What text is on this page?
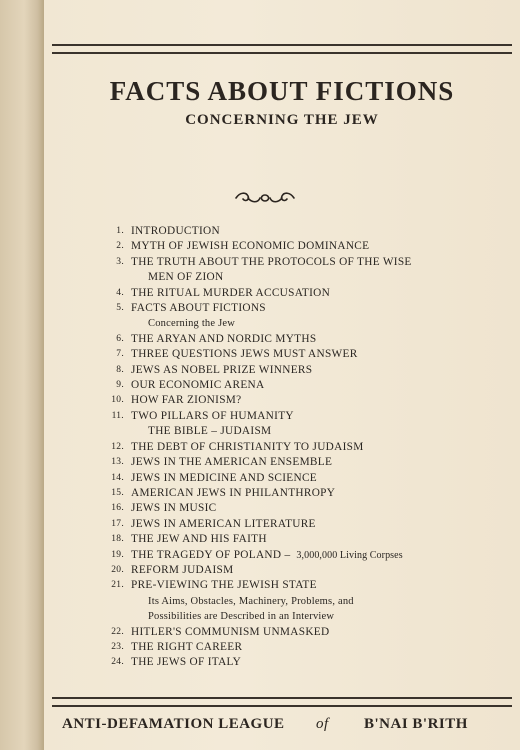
FACTS ABOUT FICTIONS
CONCERNING THE JEW
1. INTRODUCTION
2. MYTH OF JEWISH ECONOMIC DOMINANCE
3. THE TRUTH ABOUT THE PROTOCOLS OF THE WISE
MEN OF ZION
4. THE RITUAL MURDER ACCUSATION
5. FACTS ABOUT FICTIONS
Concerning the Jew
6. THE ARYAN AND NORDIC MYTHS
7. THREE QUESTIONS JEWS MUST ANSWER
8. JEWS AS NOBEL PRIZE WINNERS
9. OUR ECONOMIC ARENA
10. HOW FAR ZIONISM?
11. TWO PILLARS OF HUMANITY
THE BIBLE – JUDAISM
12. THE DEBT OF CHRISTIANITY TO JUDAISM
13. JEWS IN THE AMERICAN ENSEMBLE
14. JEWS IN MEDICINE AND SCIENCE
15. AMERICAN JEWS IN PHILANTHROPY
16. JEWS IN MUSIC
17. JEWS IN AMERICAN LITERATURE
18. THE JEW AND HIS FAITH
19. THE TRAGEDY OF POLAND – 3,000,000 Living Corpses
20. REFORM JUDAISM
21. PRE-VIEWING THE JEWISH STATE
Its Aims, Obstacles, Machinery, Problems, and
Possibilities are Described in an Interview
22. HITLER'S COMMUNISM UNMASKED
23. THE RIGHT CAREER
24. THE JEWS OF ITALY
ANTI-DEFAMATION LEAGUE of B'NAI B'RITH
